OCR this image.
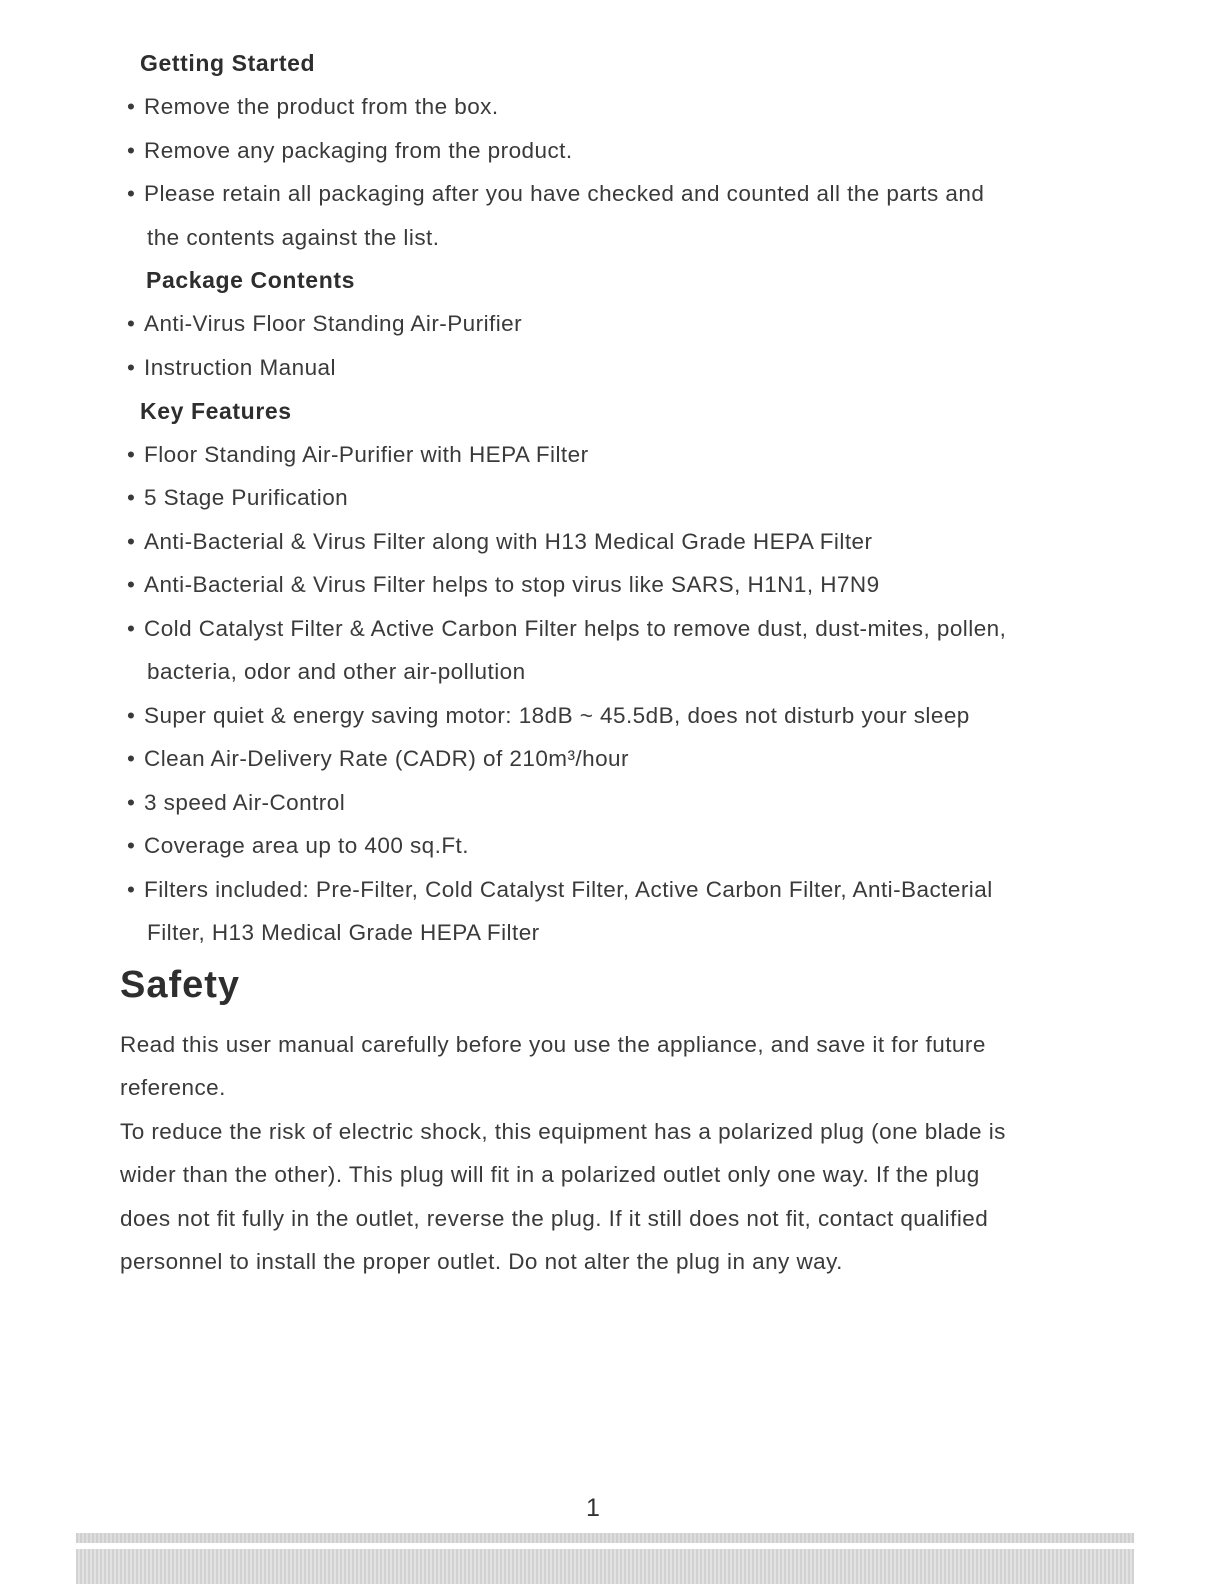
Getting Started
• Remove the product from the box.
• Remove any packaging from the product.
• Please retain all packaging after you have checked and counted all the parts and
the contents against the list.
Package Contents
• Anti-Virus Floor Standing Air-Purifier
• Instruction Manual
Key Features
• Floor Standing Air-Purifier with HEPA Filter
• 5 Stage Purification
• Anti-Bacterial & Virus Filter along with H13 Medical Grade HEPA Filter
• Anti-Bacterial & Virus Filter helps to stop virus like SARS, H1N1, H7N9
• Cold Catalyst Filter & Active Carbon Filter helps to remove dust, dust-mites, pollen,
bacteria, odor and other air-pollution
• Super quiet & energy saving motor: 18dB ~ 45.5dB, does not disturb your sleep
• Clean Air-Delivery Rate (CADR) of 210m³/hour
• 3 speed Air-Control
• Coverage area up to 400 sq.Ft.
• Filters included: Pre-Filter, Cold Catalyst Filter, Active Carbon Filter, Anti-Bacterial
Filter, H13 Medical Grade HEPA Filter
Safety
Read this user manual carefully before you use the appliance, and save it for future
reference.
To reduce the risk of electric shock, this equipment has a polarized plug (one blade is
wider than the other). This plug will fit in a polarized outlet only one way. If the plug
does not fit fully in the outlet, reverse the plug. If it still does not fit, contact qualified
personnel to install the proper outlet. Do not alter the plug in any way.
1
